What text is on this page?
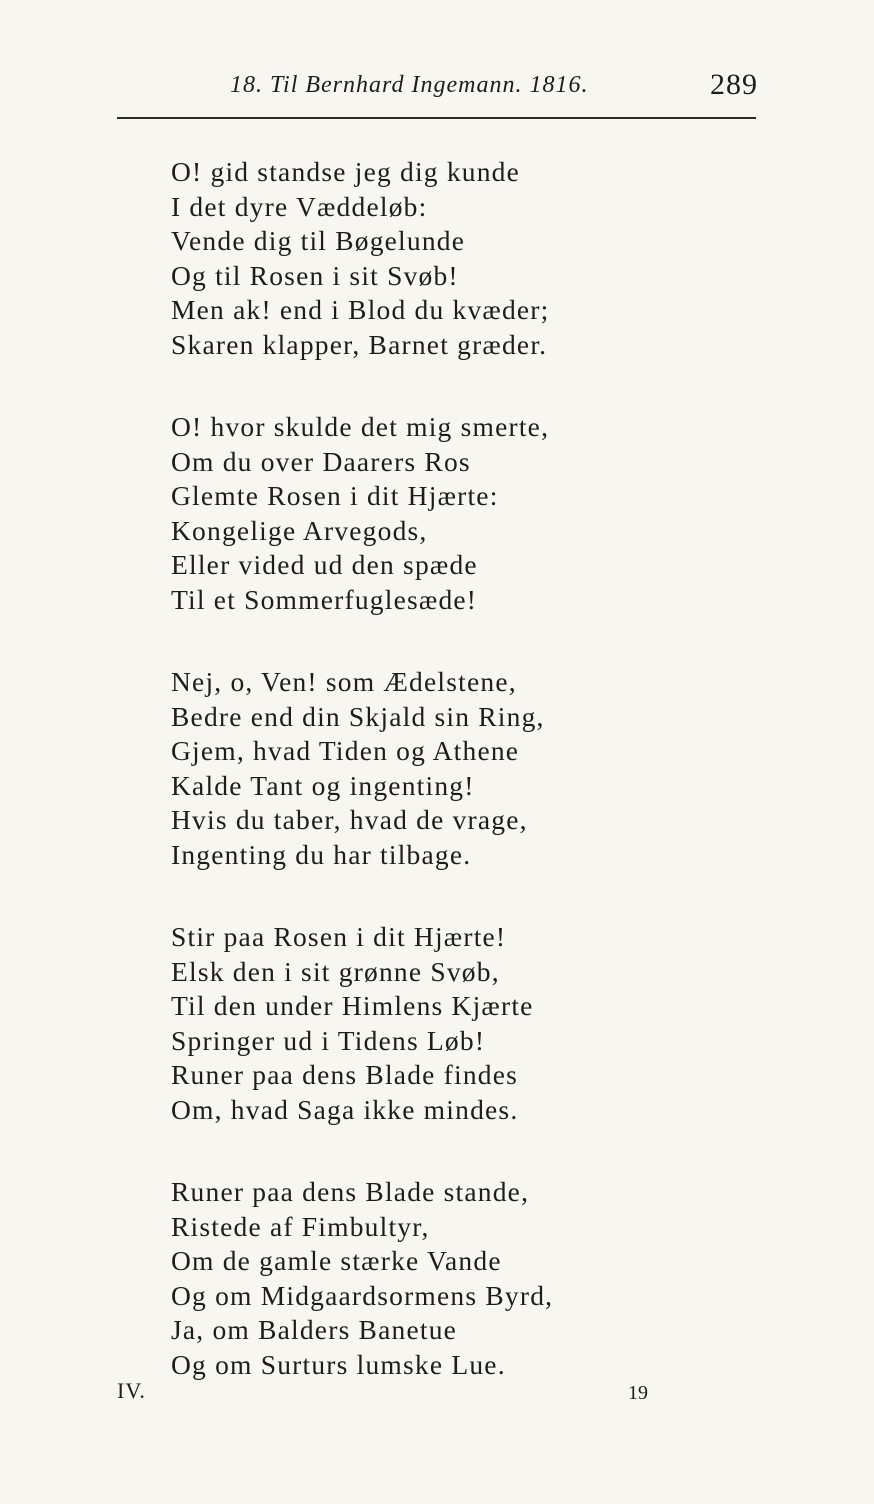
18. Til Bernhard Ingemann. 1816.	289
O! gid standse jeg dig kunde
I det dyre Væddeløb:
Vende dig til Bøgelunde
Og til Rosen i sit Svøb!
Men ak! end i Blod du kvæder;
Skaren klapper, Barnet græder.
O! hvor skulde det mig smerte,
Om du over Daarers Ros
Glemte Rosen i dit Hjærte:
Kongelige Arvegods,
Eller vided ud den spæde
Til et Sommerfuglesæde!
Nej, o, Ven! som Ædelstene,
Bedre end din Skjald sin Ring,
Gjem, hvad Tiden og Athene
Kalde Tant og ingenting!
Hvis du taber, hvad de vrage,
Ingenting du har tilbage.
Stir paa Rosen i dit Hjærte!
Elsk den i sit grønne Svøb,
Til den under Himlens Kjærte
Springer ud i Tidens Løb!
Runer paa dens Blade findes
Om, hvad Saga ikke mindes.
Runer paa dens Blade stande,
Ristede af Fimbultyr,
Om de gamle stærke Vande
Og om Midgaardsormens Byrd,
Ja, om Balders Banetue
Og om Surturs lumske Lue.
IV.	19
